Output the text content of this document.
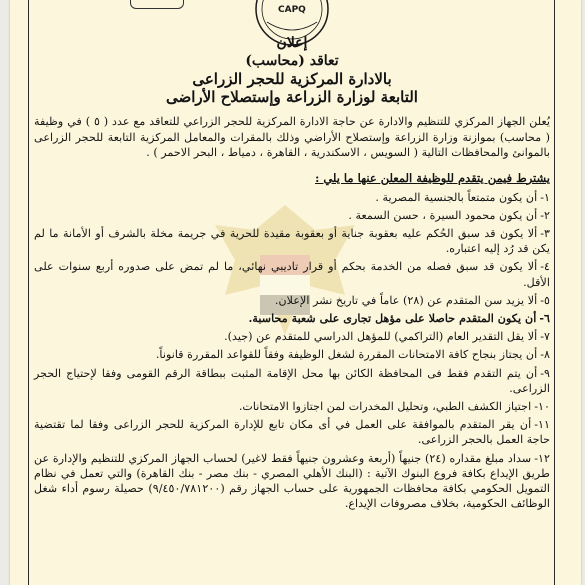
CAPQ
إعلان
تعاقد (محاسب)
بالادارة المركزية للحجر الزراعى
التابعة لوزارة الزراعة وإستصلاح الأراضى
يُعلن الجهاز المركزي للتنظيم والادارة عن حاجة الادارة المركزية للحجر الزراعي للتعاقد مع عدد ( ٥ ) في وظيفة ( محاسب) بموازنة وزارة الزراعة وإستصلاح الأراضي وذلك بالمقرات والمعامل المركزية التابعة للحجر الزراعى بالموانئ والمحافظات التالية ( السويس ، الاسكندرية ، القاهرة ، دمياط ، البحر الاحمر ) .
يشترط فيمن يتقدم للوظيفة المعلن عنها ما يلي :
١-أن يكون متمتعاً بالجنسية المصرية .
٢-أن يكون محمود السيرة ، حسن السمعة .
٣-ألا يكون قد سبق الحُكم عليه بعقوبة جناية أو بعقوبة مقيدة للحرية في جريمة مخلة بالشرف أو الأمانة ما لم يكن قد رُد إليه اعتباره.
٤-ألا يكون قد سبق فصله من الخدمة بحكم أو قرار تاديبي نهائي، ما لم تمض على صدوره أربع سنوات على الأقل.
٥-ألا يزيد سن المتقدم عن (٢٨) عاماً في تاريخ نشر الإعلان.
٦-أن يكون المتقدم حاصلا على مؤهل تجارى على شعبة محاسبة.
٧-ألا يقل التقدير العام (التراكمي) للمؤهل الدراسي للمتقدم عن (جيد).
٨-أن يجتاز بنجاح كافة الامتحانات المقررة لشغل الوظيفة وفقاً للقواعد المقررة قانوناً.
٩-أن يتم التقدم فقط فى المحافظة الكائن بها محل الإقامة المثبت ببطاقة الرقم القومى وفقا لإحتياج الحجر الزراعى.
١٠-اجتياز الكشف الطبي، وتحليل المخدرات لمن اجتازوا الامتحانات.
١١-أن يقر المتقدم بالموافقة على العمل في أى مكان تابع للإدارة المركزية للحجر الزراعى وفقا لما تقتضية حاجة العمل بالحجر الزراعى.
١٢-سداد مبلغ مقداره (٢٤) جنيهاً (أربعة وعشرون جنيهاً فقط لاغير) لحساب الجهاز المركزي للتنظيم والإدارة عن طريق الإيداع بكافة فروع البنوك الآتية : (البنك الأهلي المصري - بنك مصر - بنك القاهرة) والتي تعمل في نظام التمويل الحكومي بكافة محافظات الجمهورية على حساب الجهاز رقم (٩/٤٥٠/٧٨١٢٠٠) حصيلة رسوم أداء شغل الوظائف الحكومية، بخلاف مصروفات الإيداع.
